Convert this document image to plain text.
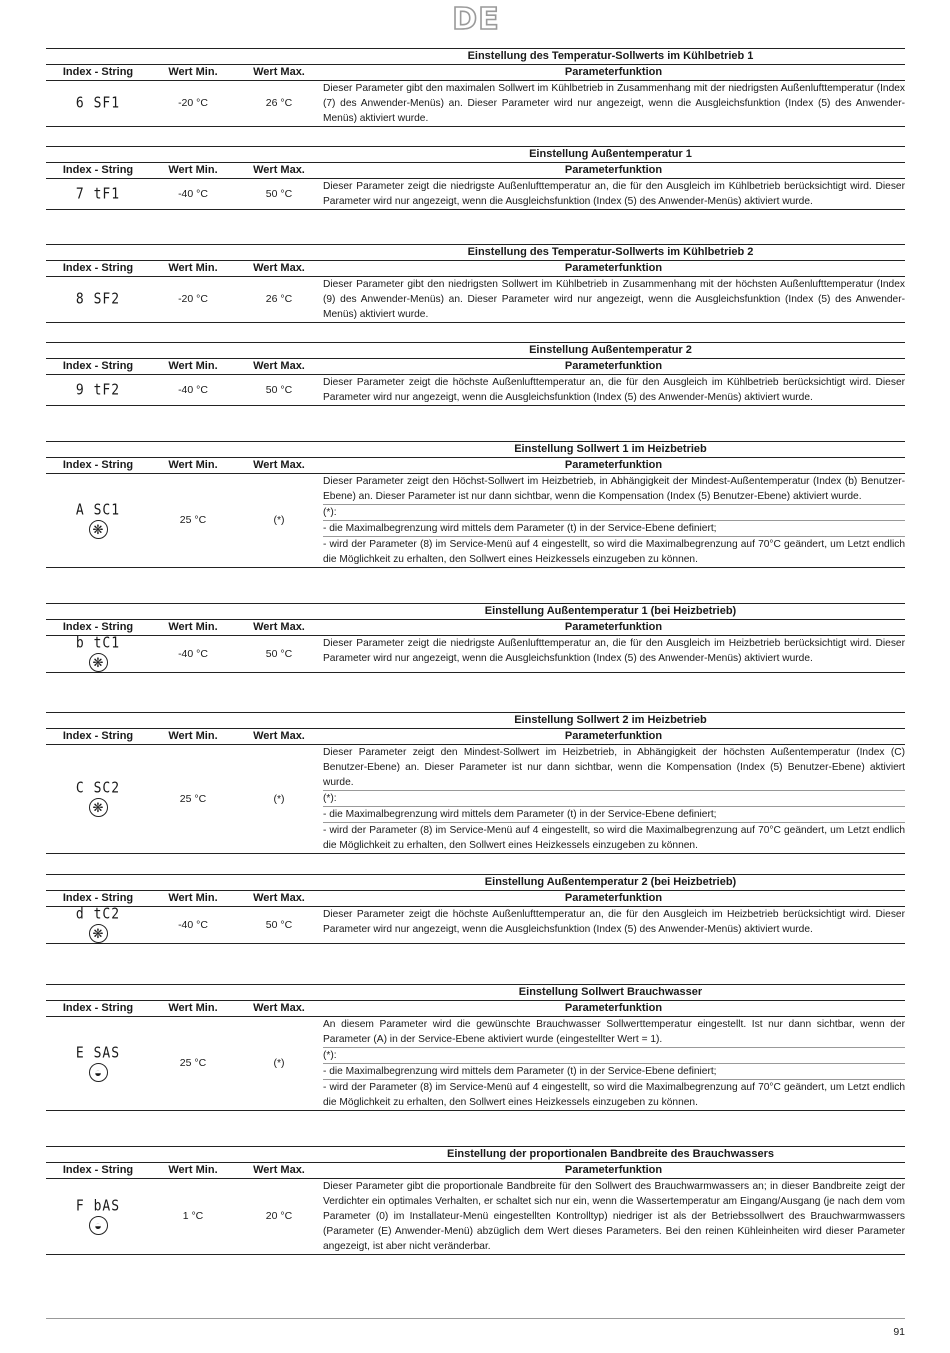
DE
Einstellung des Temperatur-Sollwerts im Kühlbetrieb 1
Index - String	Wert Min.	Wert Max.	Parameterfunktion
6 SF1	-20 °C	26 °C

Dieser Parameter gibt den maximalen Sollwert im Kühlbetrieb in Zusammenhang mit der niedrigsten Außenlufttemperatur (Index (7) des Anwender-Menüs) an. Dieser Parameter wird nur angezeigt, wenn die Ausgleichsfunktion (Index (5) des Anwender-Menüs) aktiviert wurde.

Einstellung Außentemperatur 1
Index - String	Wert Min.	Wert Max.	Parameterfunktion
7 tF1	-40 °C	50 °C

Dieser Parameter zeigt die niedrigste Außenlufttemperatur an, die für den Ausgleich im Kühlbetrieb berücksichtigt wird. Dieser Parameter wird nur angezeigt, wenn die Ausgleichsfunktion (Index (5) des Anwender-Menüs) aktiviert wurde.

Einstellung des Temperatur-Sollwerts im Kühlbetrieb 2
Index - String	Wert Min.	Wert Max.	Parameterfunktion
8 SF2	-20 °C	26 °C

Dieser Parameter gibt den niedrigsten Sollwert im Kühlbetrieb in Zusammenhang mit der höchsten Außenlufttemperatur (Index (9) des Anwender-Menüs) an. Dieser Parameter wird nur angezeigt, wenn die Ausgleichsfunktion (Index (5) des Anwender-Menüs) aktiviert wurde.

Einstellung Außentemperatur 2
Index - String	Wert Min.	Wert Max.	Parameterfunktion
9 tF2	-40 °C	50 °C

Dieser Parameter zeigt die höchste Außenlufttemperatur an, die für den Ausgleich im Kühlbetrieb berücksichtigt wird. Dieser Parameter wird nur angezeigt, wenn die Ausgleichsfunktion (Index (5) des Anwender-Menüs) aktiviert wurde.

Einstellung Sollwert 1 im Heizbetrieb
Index - String	Wert Min.	Wert Max.	Parameterfunktion
A SC1
❋
25 °C	(*)

Dieser Parameter zeigt den Höchst-Sollwert im Heizbetrieb, in Abhängigkeit der Mindest-Außentemperatur (Index (b) Benutzer-Ebene) an. Dieser Parameter ist nur dann sichtbar, wenn die Kompensation (Index (5) Benutzer-Ebene) aktiviert wurde.

(*):

- die Maximalbegrenzung wird mittels dem Parameter (t) in der Service-Ebene definiert;

- wird der Parameter (8) im Service-Menü auf 4 eingestellt, so wird die Maximalbegrenzung auf 70°C geändert, um Letzt endlich die Möglichkeit zu erhalten, den Sollwert eines Heizkessels einzugeben zu können.

Einstellung Außentemperatur 1 (bei Heizbetrieb)
Index - String	Wert Min.	Wert Max.	Parameterfunktion
b tC1
❋
-40 °C	50 °C

Dieser Parameter zeigt die niedrigste Außenlufttemperatur an, die für den Ausgleich im Heizbetrieb berücksichtigt wird. Dieser Parameter wird nur angezeigt, wenn die Ausgleichsfunktion (Index (5) des Anwender-Menüs) aktiviert wurde.

Einstellung Sollwert 2 im Heizbetrieb
Index - String	Wert Min.	Wert Max.	Parameterfunktion
C SC2
❋
25 °C	(*)

Dieser Parameter zeigt den Mindest-Sollwert im Heizbetrieb, in Abhängigkeit der höchsten Außentemperatur (Index (C) Benutzer-Ebene) an. Dieser Parameter ist nur dann sichtbar, wenn die Kompensation (Index (5) Benutzer-Ebene) aktiviert wurde.

(*):

- die Maximalbegrenzung wird mittels dem Parameter (t) in der Service-Ebene definiert;

- wird der Parameter (8) im Service-Menü auf 4 eingestellt, so wird die Maximalbegrenzung auf 70°C geändert, um Letzt endlich die Möglichkeit zu erhalten, den Sollwert eines Heizkessels einzugeben zu können.

Einstellung Außentemperatur 2 (bei Heizbetrieb)
Index - String	Wert Min.	Wert Max.	Parameterfunktion
d tC2
❋
-40 °C	50 °C

Dieser Parameter zeigt die höchste Außenlufttemperatur an, die für den Ausgleich im Heizbetrieb berücksichtigt wird. Dieser Parameter wird nur angezeigt, wenn die Ausgleichsfunktion (Index (5) des Anwender-Menüs) aktiviert wurde.

Einstellung Sollwert Brauchwasser
Index - String	Wert Min.	Wert Max.	Parameterfunktion
E SAS
◒
25 °C	(*)

An diesem Parameter wird die gewünschte Brauchwasser Sollwerttemperatur eingestellt. Ist nur dann sichtbar, wenn der Parameter (A) in der Service-Ebene aktiviert wurde (eingestellter Wert = 1).

(*):

- die Maximalbegrenzung wird mittels dem Parameter (t) in der Service-Ebene definiert;

- wird der Parameter (8) im Service-Menü auf 4 eingestellt, so wird die Maximalbegrenzung auf 70°C geändert, um Letzt endlich die Möglichkeit zu erhalten, den Sollwert eines Heizkessels einzugeben zu können.

Einstellung der proportionalen Bandbreite des Brauchwassers
Index - String	Wert Min.	Wert Max.	Parameterfunktion
F bAS
◒
1 °C	20 °C

Dieser Parameter gibt die proportionale Bandbreite für den Sollwert des Brauchwarmwassers an; in dieser Bandbreite zeigt der Verdichter ein optimales Verhalten, er schaltet sich nur ein, wenn die Wassertemperatur am Eingang/Ausgang (je nach dem vom Parameter (0) im Installateur-Menü eingestellten Kontrolltyp) niedriger ist als der Betriebssollwert des Brauchwarmwassers (Parameter (E) Anwender-Menü) abzüglich dem Wert dieses Parameters. Bei den reinen Kühleinheiten wird dieser Parameter angezeigt, ist aber nicht veränderbar.

91
